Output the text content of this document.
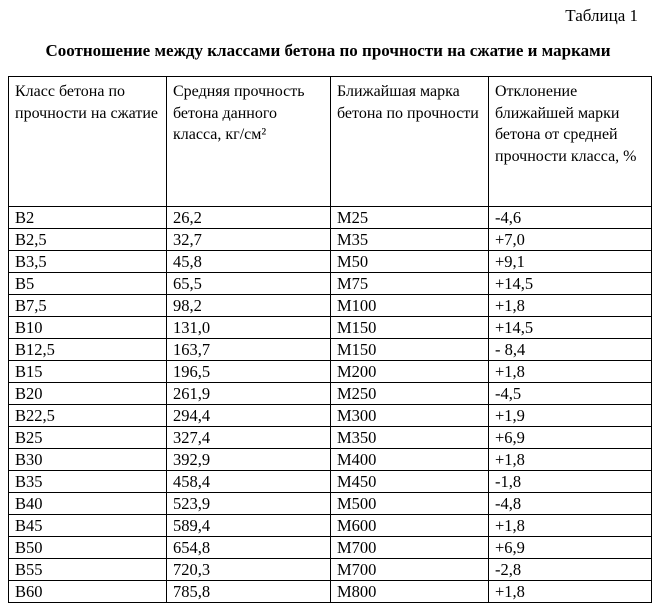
Таблица 1
Соотношение между классами бетона по прочности на сжатие и марками
Класс бетона по прочности на сжатие	Средняя прочность бетона данного класса, кг/см²	Ближайшая марка бетона по прочности	Отклонение ближайшей марки бетона от средней прочности класса, %
В2	26,2	М25	-4,6
В2,5	32,7	М35	+7,0
В3,5	45,8	М50	+9,1
В5	65,5	М75	+14,5
В7,5	98,2	М100	+1,8
В10	131,0	М150	+14,5
В12,5	163,7	М150	- 8,4
В15	196,5	М200	+1,8
В20	261,9	М250	-4,5
В22,5	294,4	М300	+1,9
В25	327,4	М350	+6,9
В30	392,9	М400	+1,8
В35	458,4	М450	-1,8
В40	523,9	М500	-4,8
В45	589,4	М600	+1,8
В50	654,8	М700	+6,9
В55	720,3	М700	-2,8
В60	785,8	М800	+1,8
